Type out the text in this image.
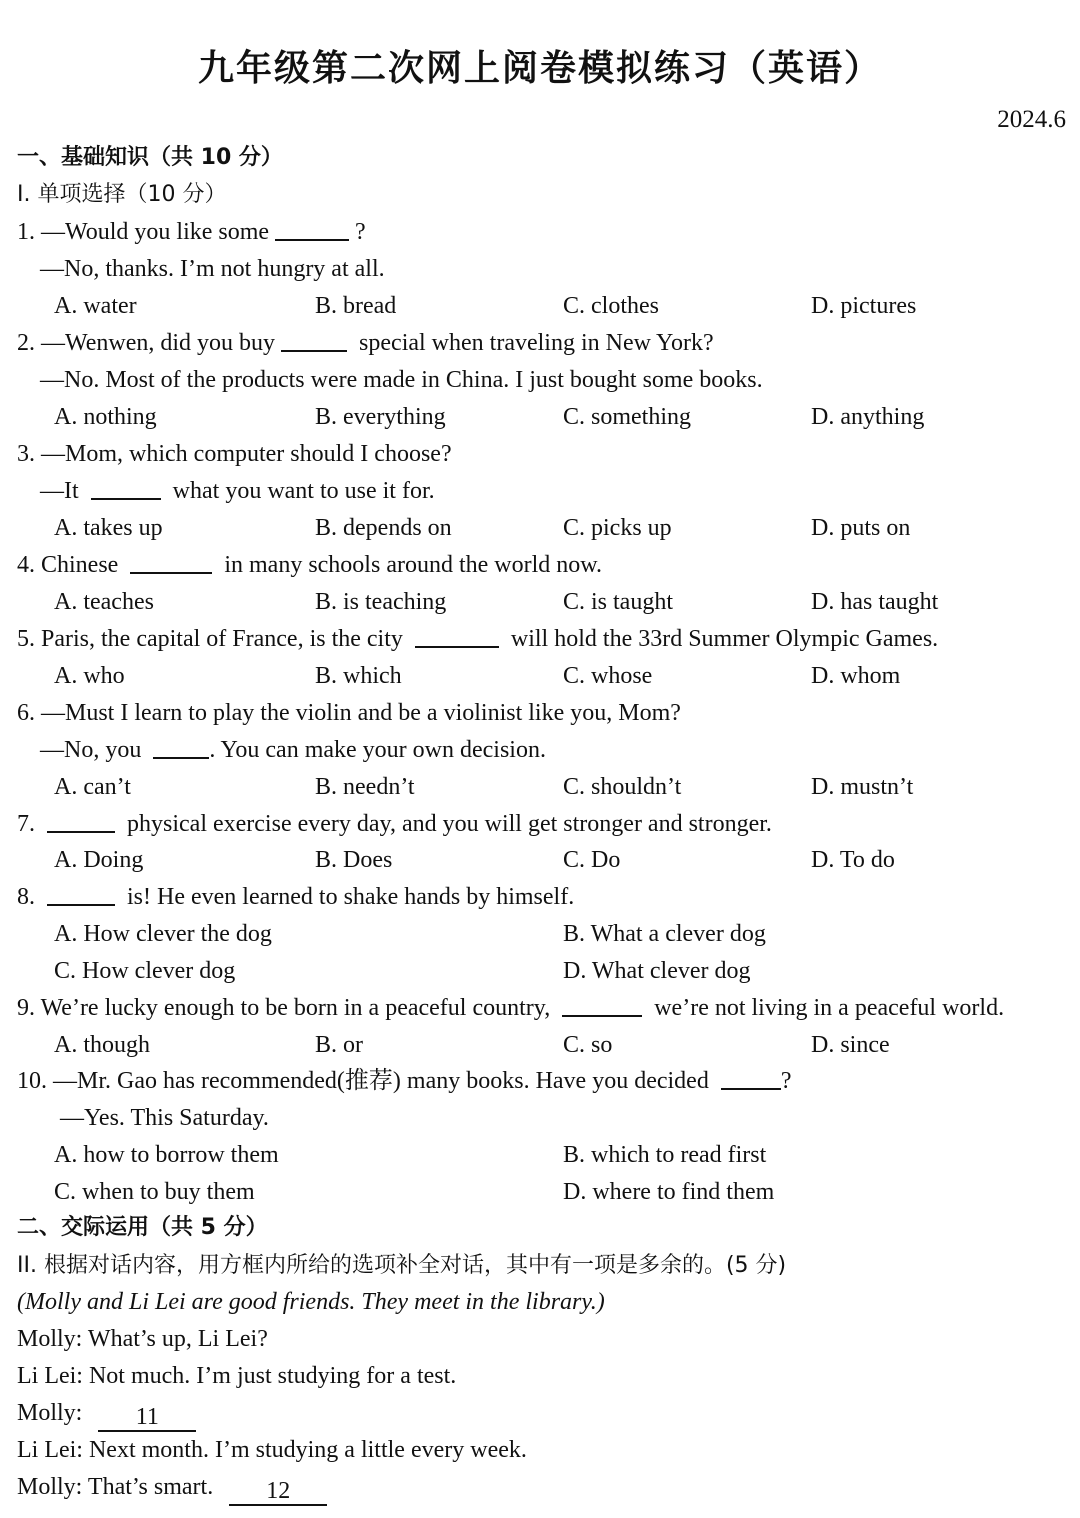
九年级第二次网上阅卷模拟练习（英语）
2024.6
一、基础知识（共 10 分）
I. 单项选择（10 分）
1. —Would you like some	?
—No, thanks. I’m not hungry at all.
A. water	B. bread	C. clothes	D. pictures
2. —Wenwen, did you buy	special when traveling in New York?
—No. Most of the products were made in China. I just bought some books.
A. nothing	B. everything	C. something	D. anything
3. —Mom, which computer should I choose?
—It	what you want to use it for.
A. takes up	B. depends on	C. picks up	D. puts on
4. Chinese	in many schools around the world now.
A. teaches	B. is teaching	C. is taught	D. has taught
5. Paris, the capital of France, is the city	will hold the 33rd Summer Olympic Games.
A. who	B. which	C. whose	D. whom
6. —Must I learn to play the violin and be a violinist like you, Mom?
—No, you	. You can make your own decision.
A. can’t	B. needn’t	C. shouldn’t	D. mustn’t
7.	physical exercise every day, and you will get stronger and stronger.
A. Doing	B. Does	C. Do	D. To do
8.	is! He even learned to shake hands by himself.
A. How clever the dog	B. What a clever dog
C. How clever dog	D. What clever dog
9. We’re lucky enough to be born in a peaceful country,	we’re not living in a peaceful world.
A. though	B. or	C. so	D. since
10. —Mr. Gao has recommended(推荐) many books. Have you decided	?
—Yes. This Saturday.
A. how to borrow them	B. which to read first
C. when to buy them	D. where to find them
二、交际运用（共 5 分）
II. 根据对话内容，用方框内所给的选项补全对话，其中有一项是多余的。(5 分)
(Molly and Li Lei are good friends. They meet in the library.)
Molly: What’s up, Li Lei?
Li Lei: Not much. I’m just studying for a test.
Molly: 11
Li Lei: Next month. I’m studying a little every week.
Molly: That’s smart. 12
